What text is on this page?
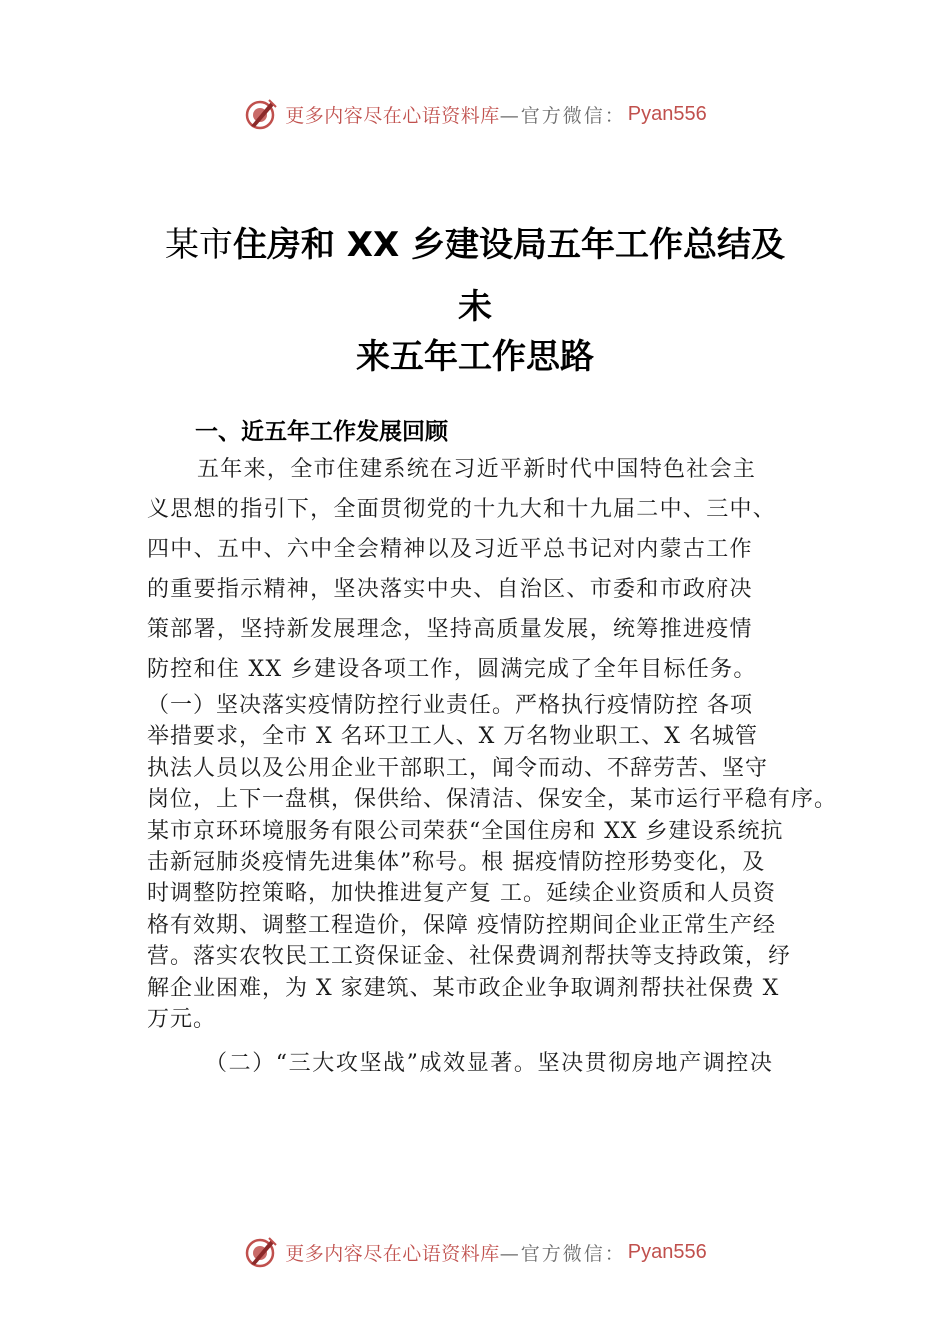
更多内容尽在心语资料库 —官方微信： Pyan556
某市住房和 XX 乡建设局五年工作总结及
未
来五年工作思路
一、近五年工作发展回顾
五年来，全市住建系统在习近平新时代中国特色社会主
义思想的指引下，全面贯彻党的十九大和十九届二中、三中、
四中、五中、六中全会精神以及习近平总书记对内蒙古工作
的重要指示精神，坚决落实中央、自治区、市委和市政府决
策部署，坚持新发展理念，坚持高质量发展，统筹推进疫情
防控和住 XX 乡建设各项工作，圆满完成了全年目标任务。
（一）坚决落实疫情防控行业责任。严格执行疫情防控 各项
举措要求，全市 X 名环卫工人、X 万名物业职工、X 名城管
执法人员以及公用企业干部职工，闻令而动、不辞劳苦、坚守
岗位，上下一盘棋，保供给、保清洁、保安全，某市运行平稳有序。
某市京环环境服务有限公司荣获“全国住房和 XX 乡建设系统抗
击新冠肺炎疫情先进集体”称号。根 据疫情防控形势变化，及
时调整防控策略，加快推进复产复 工。延续企业资质和人员资
格有效期、调整工程造价，保障 疫情防控期间企业正常生产经
营。落实农牧民工工资保证金、社保费调剂帮扶等支持政策，纾
解企业困难，为 X 家建筑、某市政企业争取调剂帮扶社保费 X
万元。
（二）“三大攻坚战”成效显著。坚决贯彻房地产调控决
更多内容尽在心语资料库 —官方微信： Pyan556
